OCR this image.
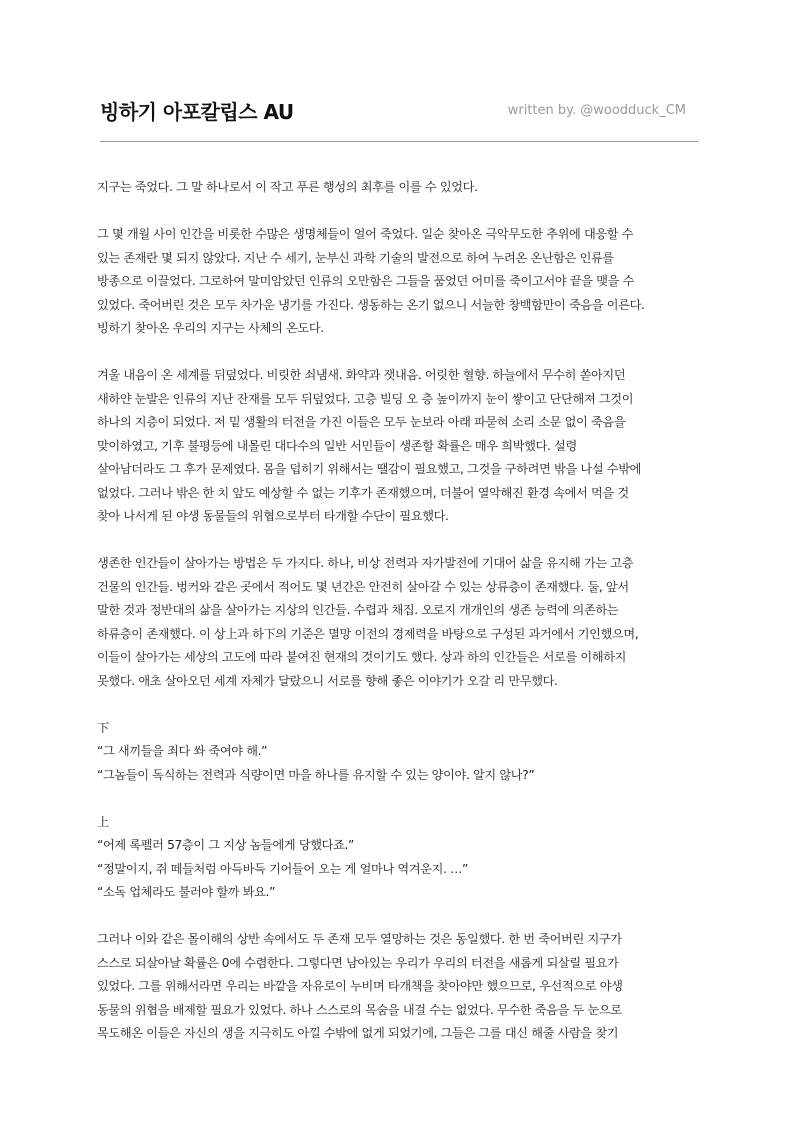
빙하기 아포칼립스 AU	written by. @woodduck_CM
지구는 죽었다. 그 말 하나로서 이 작고 푸른 행성의 최후를 이를 수 있었다.
그 몇 개월 사이 인간을 비롯한 수많은 생명체들이 얼어 죽었다. 일순 찾아온 극악무도한 추위에 대응할 수
있는 존재란 몇 되지 않았다. 지난 수 세기, 눈부신 과학 기술의 발전으로 하여 누려온 온난함은 인류를
방종으로 이끌었다. 그로하여 말미암았던 인류의 오만함은 그들을 품었던 어미를 죽이고서야 끝을 맺을 수
있었다. 죽어버린 것은 모두 차가운 냉기를 가진다. 생동하는 온기 없으니 서늘한 창백함만이 죽음을 이른다.
빙하기 찾아온 우리의 지구는 사체의 온도다.
겨울 내음이 온 세계를 뒤덮었다. 비릿한 쇠냄새. 화약과 잿내음. 어릿한 혈향. 하늘에서 무수히 쏟아지던
새하얀 눈발은 인류의 지난 잔재를 모두 뒤덮었다. 고층 빌딩 오 층 높이까지 눈이 쌓이고 단단해져 그것이
하나의 지층이 되었다. 저 밑 생활의 터전을 가진 이들은 모두 눈보라 아래 파묻혀 소리 소문 없이 죽음을
맞이하였고, 기후 불평등에 내몰린 대다수의 일반 서민들이 생존할 확률은 매우 희박했다. 설령
살아남더라도 그 후가 문제였다. 몸을 덥히기 위해서는 땔감이 필요했고, 그것을 구하려면 밖을 나설 수밖에
없었다. 그러나 밖은 한 치 앞도 예상할 수 없는 기후가 존재했으며, 더불어 열악해진 환경 속에서 먹을 것
찾아 나서게 된 야생 동물들의 위협으로부터 타개할 수단이 필요했다.
생존한 인간들이 살아가는 방법은 두 가지다. 하나, 비상 전력과 자가발전에 기대어 삶을 유지해 가는 고층
건물의 인간들. 벙커와 같은 곳에서 적어도 몇 년간은 안전히 살아갈 수 있는 상류층이 존재했다. 둘, 앞서
말한 것과 정반대의 삶을 살아가는 지상의 인간들. 수렵과 채집. 오로지 개개인의 생존 능력에 의존하는
하류층이 존재했다. 이 상上과 하下의 기준은 멸망 이전의 경제력을 바탕으로 구성된 과거에서 기인했으며,
이들이 살아가는 세상의 고도에 따라 붙여진 현재의 것이기도 했다. 상과 하의 인간들은 서로를 이해하지
못했다. 애초 살아오던 세계 자체가 달랐으니 서로를 향해 좋은 이야기가 오갈 리 만무했다.
下
“그 새끼들을 죄다 쏴 죽여야 해.”
“그놈들이 독식하는 전력과 식량이면 마을 하나를 유지할 수 있는 양이야. 알지 않나?”
上
“어제 록펠러 57층이 그 지상 놈들에게 당했다죠.”
“정말이지, 쥐 떼들처럼 아득바득 기어들어 오는 게 얼마나 역겨운지. …”
“소독 업체라도 불러야 할까 봐요.”
그러나 이와 같은 몰이해의 상반 속에서도 두 존재 모두 열망하는 것은 동일했다. 한 번 죽어버린 지구가
스스로 되살아날 확률은 0에 수렴한다. 그렇다면 남아있는 우리가 우리의 터전을 새롭게 되살릴 필요가
있었다. 그를 위해서라면 우리는 바깥을 자유로이 누비며 타개책을 찾아야만 했으므로, 우선적으로 야생
동물의 위협을 배제할 필요가 있었다. 하나 스스로의 목숨을 내걸 수는 없었다. 무수한 죽음을 두 눈으로
목도해온 이들은 자신의 생을 지극히도 아낄 수밖에 없게 되었기에, 그들은 그를 대신 해줄 사람을 찾기
